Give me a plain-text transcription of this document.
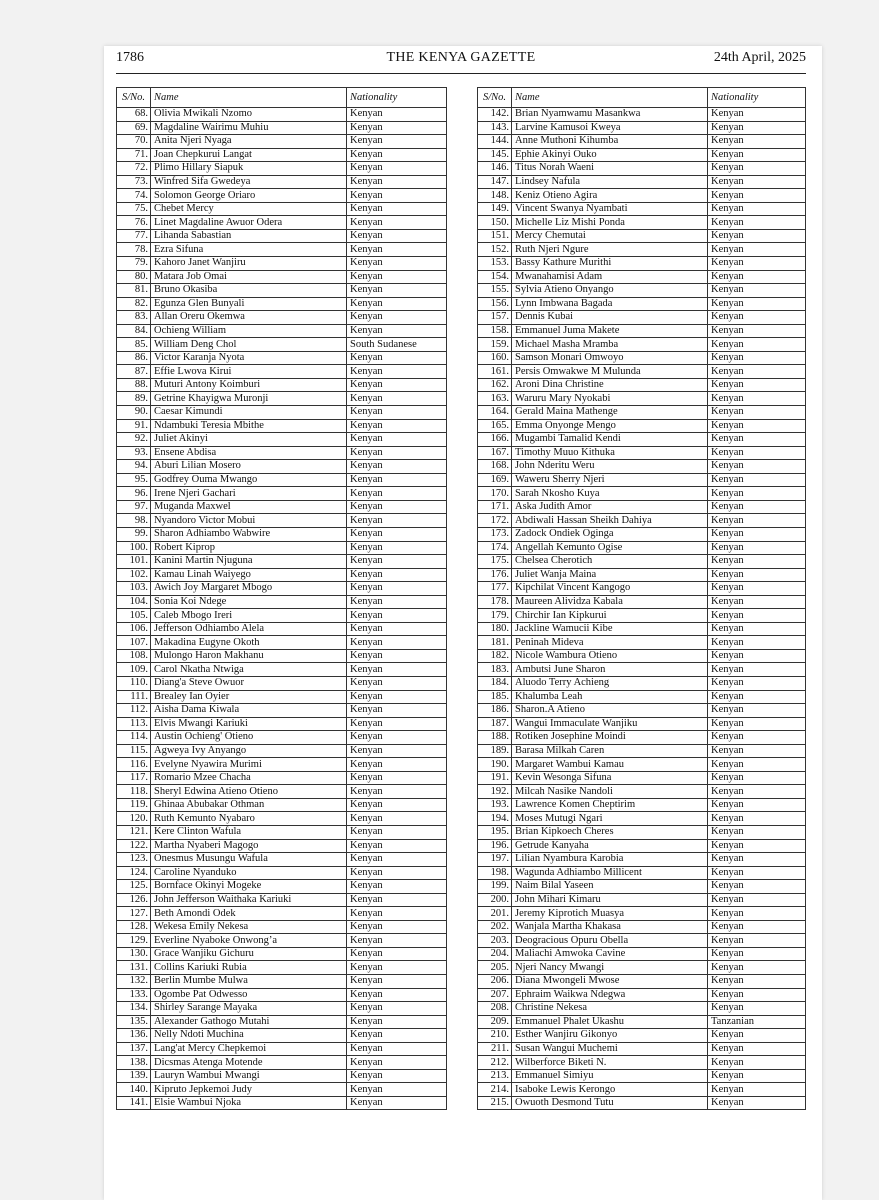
1786	THE KENYA GAZETTE	24th April, 2025
S/No.	Name	Nationality
68.	Olivia Mwikali Nzomo	Kenyan
69.	Magdaline Wairimu Muhiu	Kenyan
70.	Anita Njeri Nyaga	Kenyan
71.	Joan Chepkurui Langat	Kenyan
72.	Plimo Hillary Siapuk	Kenyan
73.	Winfred Sifa Gwedeya	Kenyan
74.	Solomon George Oriaro	Kenyan
75.	Chebet Mercy	Kenyan
76.	Linet Magdaline Awuor Odera	Kenyan
77.	Lihanda Sabastian	Kenyan
78.	Ezra Sifuna	Kenyan
79.	Kahoro Janet Wanjiru	Kenyan
80.	Matara Job Omai	Kenyan
81.	Bruno Okasiba	Kenyan
82.	Egunza Glen Bunyali	Kenyan
83.	Allan Oreru Okemwa	Kenyan
84.	Ochieng William	Kenyan
85.	William Deng Chol	South Sudanese
86.	Victor Karanja Nyota	Kenyan
87.	Effie Lwova Kirui	Kenyan
88.	Muturi Antony Koimburi	Kenyan
89.	Getrine Khayigwa Muronji	Kenyan
90.	Caesar Kimundi	Kenyan
91.	Ndambuki Teresia Mbithe	Kenyan
92.	Juliet Akinyi	Kenyan
93.	Ensene Abdisa	Kenyan
94.	Aburi Lilian Mosero	Kenyan
95.	Godfrey Ouma Mwango	Kenyan
96.	Irene Njeri Gachari	Kenyan
97.	Muganda Maxwel	Kenyan
98.	Nyandoro Victor Mobui	Kenyan
99.	Sharon Adhiambo Wabwire	Kenyan
100.	Robert Kiprop	Kenyan
101.	Kanini Martin Njuguna	Kenyan
102.	Kamau Linah Waiyego	Kenyan
103.	Awich Joy Margaret Mbogo	Kenyan
104.	Sonia Koi Ndege	Kenyan
105.	Caleb Mbogo Ireri	Kenyan
106.	Jefferson Odhiambo Alela	Kenyan
107.	Makadina Eugyne Okoth	Kenyan
108.	Mulongo Haron Makhanu	Kenyan
109.	Carol Nkatha Ntwiga	Kenyan
110.	Diang'a Steve Owuor	Kenyan
111.	Brealey Ian Oyier	Kenyan
112.	Aisha Dama Kiwala	Kenyan
113.	Elvis Mwangi Kariuki	Kenyan
114.	Austin Ochieng' Otieno	Kenyan
115.	Agweya Ivy Anyango	Kenyan
116.	Evelyne Nyawira Murimi	Kenyan
117.	Romario Mzee Chacha	Kenyan
118.	Sheryl Edwina Atieno Otieno	Kenyan
119.	Ghinaa Abubakar Othman	Kenyan
120.	Ruth Kemunto Nyabaro	Kenyan
121.	Kere Clinton Wafula	Kenyan
122.	Martha Nyaberi Magogo	Kenyan
123.	Onesmus Musungu Wafula	Kenyan
124.	Caroline Nyanduko	Kenyan
125.	Bornface Okinyi Mogeke	Kenyan
126.	John Jefferson Waithaka Kariuki	Kenyan
127.	Beth Amondi Odek	Kenyan
128.	Wekesa Emily Nekesa	Kenyan
129.	Everline Nyaboke Onwong’a	Kenyan
130.	Grace Wanjiku Gichuru	Kenyan
131.	Collins Kariuki Rubia	Kenyan
132.	Berlin Mumbe Mulwa	Kenyan
133.	Ogombe Pat Odwesso	Kenyan
134.	Shirley Sarange Mayaka	Kenyan
135.	Alexander Gathogo Mutahi	Kenyan
136.	Nelly Ndoti Muchina	Kenyan
137.	Lang'at Mercy Chepkemoi	Kenyan
138.	Dicsmas Atenga Motende	Kenyan
139.	Lauryn Wambui Mwangi	Kenyan
140.	Kipruto Jepkemoi Judy	Kenyan
141.	Elsie Wambui Njoka	Kenyan
S/No.	Name	Nationality
142.	Brian Nyamwamu Masankwa	Kenyan
143.	Larvine Kamusoi Kweya	Kenyan
144.	Anne Muthoni Kihumba	Kenyan
145.	Ephie Akinyi Ouko	Kenyan
146.	Titus Norah Waeni	Kenyan
147.	Lindsey Nafula	Kenyan
148.	Keniz Otieno Agira	Kenyan
149.	Vincent Swanya Nyambati	Kenyan
150.	Michelle Liz Mishi Ponda	Kenyan
151.	Mercy Chemutai	Kenyan
152.	Ruth Njeri Ngure	Kenyan
153.	Bassy Kathure Murithi	Kenyan
154.	Mwanahamisi Adam	Kenyan
155.	Sylvia Atieno Onyango	Kenyan
156.	Lynn Imbwana Bagada	Kenyan
157.	Dennis Kubai	Kenyan
158.	Emmanuel Juma Makete	Kenyan
159.	Michael Masha Mramba	Kenyan
160.	Samson Monari Omwoyo	Kenyan
161.	Persis Omwakwe M Mulunda	Kenyan
162.	Aroni Dina Christine	Kenyan
163.	Waruru Mary Nyokabi	Kenyan
164.	Gerald Maina Mathenge	Kenyan
165.	Emma Onyonge Mengo	Kenyan
166.	Mugambi Tamalid Kendi	Kenyan
167.	Timothy Muuo Kithuka	Kenyan
168.	John Nderitu Weru	Kenyan
169.	Waweru Sherry Njeri	Kenyan
170.	Sarah Nkosho Kuya	Kenyan
171.	Aska Judith Amor	Kenyan
172.	Abdiwali Hassan Sheikh Dahiya	Kenyan
173.	Zadock Ondiek Oginga	Kenyan
174.	Angellah Kemunto Ogise	Kenyan
175.	Chelsea Cherotich	Kenyan
176.	Juliet Wanja Maina	Kenyan
177.	Kipchilat Vincent Kangogo	Kenyan
178.	Maureen Alividza Kabala	Kenyan
179.	Chirchir Ian Kipkurui	Kenyan
180.	Jackline Wamucii Kibe	Kenyan
181.	Peninah Mideva	Kenyan
182.	Nicole Wambura Otieno	Kenyan
183.	Ambutsi June Sharon	Kenyan
184.	Aluodo Terry Achieng	Kenyan
185.	Khalumba Leah	Kenyan
186.	Sharon.A Atieno	Kenyan
187.	Wangui Immaculate Wanjiku	Kenyan
188.	Rotiken Josephine Moindi	Kenyan
189.	Barasa Milkah Caren	Kenyan
190.	Margaret Wambui Kamau	Kenyan
191.	Kevin Wesonga Sifuna	Kenyan
192.	Milcah Nasike Nandoli	Kenyan
193.	Lawrence Komen Cheptirim	Kenyan
194.	Moses Mutugi Ngari	Kenyan
195.	Brian Kipkoech Cheres	Kenyan
196.	Getrude Kanyaha	Kenyan
197.	Lilian Nyambura Karobia	Kenyan
198.	Wagunda Adhiambo Millicent	Kenyan
199.	Naim Bilal Yaseen	Kenyan
200.	John Mihari Kimaru	Kenyan
201.	Jeremy Kiprotich Muasya	Kenyan
202.	Wanjala Martha Khakasa	Kenyan
203.	Deogracious Opuru Obella	Kenyan
204.	Maliachi Amwoka Cavine	Kenyan
205.	Njeri Nancy Mwangi	Kenyan
206.	Diana Mwongeli Mwose	Kenyan
207.	Ephraim Waikwa Ndegwa	Kenyan
208.	Christine Nekesa	Kenyan
209.	Emmanuel Phalet Ukashu	Tanzanian
210.	Esther Wanjiru Gikonyo	Kenyan
211.	Susan Wangui Muchemi	Kenyan
212.	Wilberforce Biketi N.	Kenyan
213.	Emmanuel Simiyu	Kenyan
214.	Isaboke Lewis Kerongo	Kenyan
215.	Owuoth Desmond Tutu	Kenyan
